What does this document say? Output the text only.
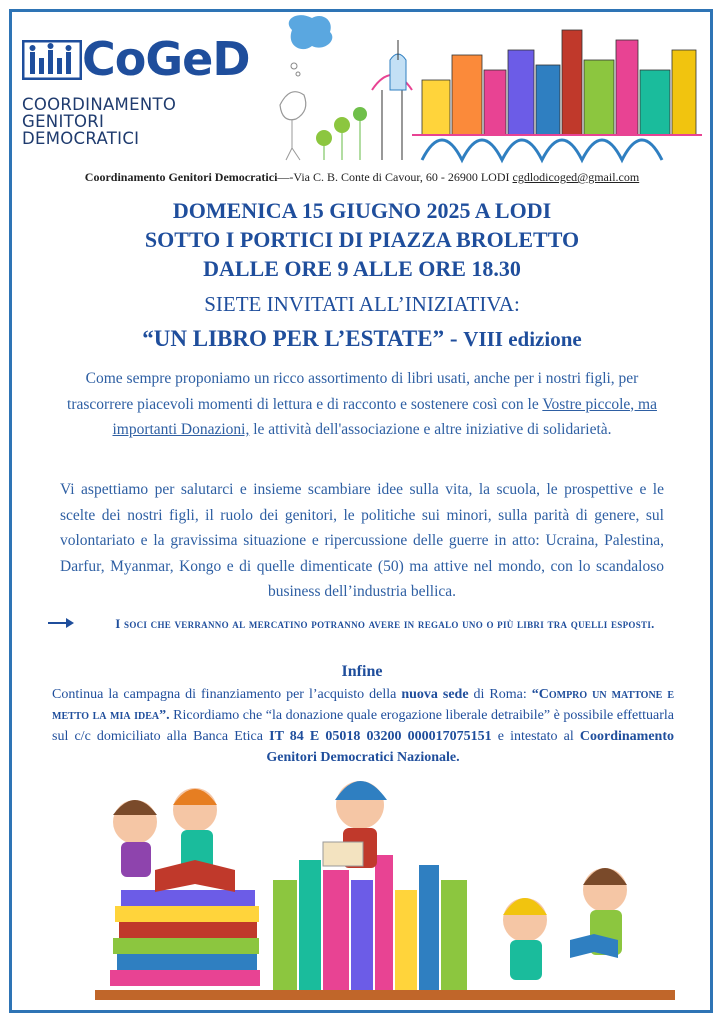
CoGeD
COORDINAMENTO
GENITORI
DEMOCRATICI
Coordinamento Genitori Democratici—-Via C. B. Conte di Cavour, 60 - 26900 LODI cgdlodicoged@gmail.com
DOMENICA 15 GIUGNO 2025 A LODI
SOTTO I PORTICI DI PIAZZA BROLETTO
DALLE ORE 9 ALLE ORE 18.30
SIETE INVITATI ALL’INIZIATIVA:
“UN LIBRO PER L’ESTATE” - VIII edizione
Come sempre proponiamo un ricco assortimento di libri usati, anche per i nostri figli, per trascorrere piacevoli momenti di lettura e di racconto e sostenere così con le Vostre piccole, ma importanti Donazioni, le attività dell'associazione e altre iniziative di solidarietà.
Vi aspettiamo per salutarci e insieme scambiare idee sulla vita, la scuola, le prospettive e le scelte dei nostri figli, il ruolo dei genitori, le politiche sui minori, sulla parità di genere, sul volontariato e la gravissima situazione e ripercussione delle guerre in atto: Ucraina, Palestina, Darfur, Myanmar, Kongo e di quelle dimenticate (50) ma attive nel mondo, con lo scandaloso business dell’industria bellica.
I soci che verranno al mercatino potranno avere in regalo uno o più libri tra quelli esposti.
Infine
Continua la campagna di finanziamento per l’acquisto della nuova sede di Roma: “Compro un mattone e metto la mia idea”. Ricordiamo che “la donazione quale erogazione liberale detraibile” è possibile effettuarla sul c/c domiciliato alla Banca Etica IT 84 E 05018 03200 000017075151 e intestato al Coordinamento Genitori Democratici Nazionale.
